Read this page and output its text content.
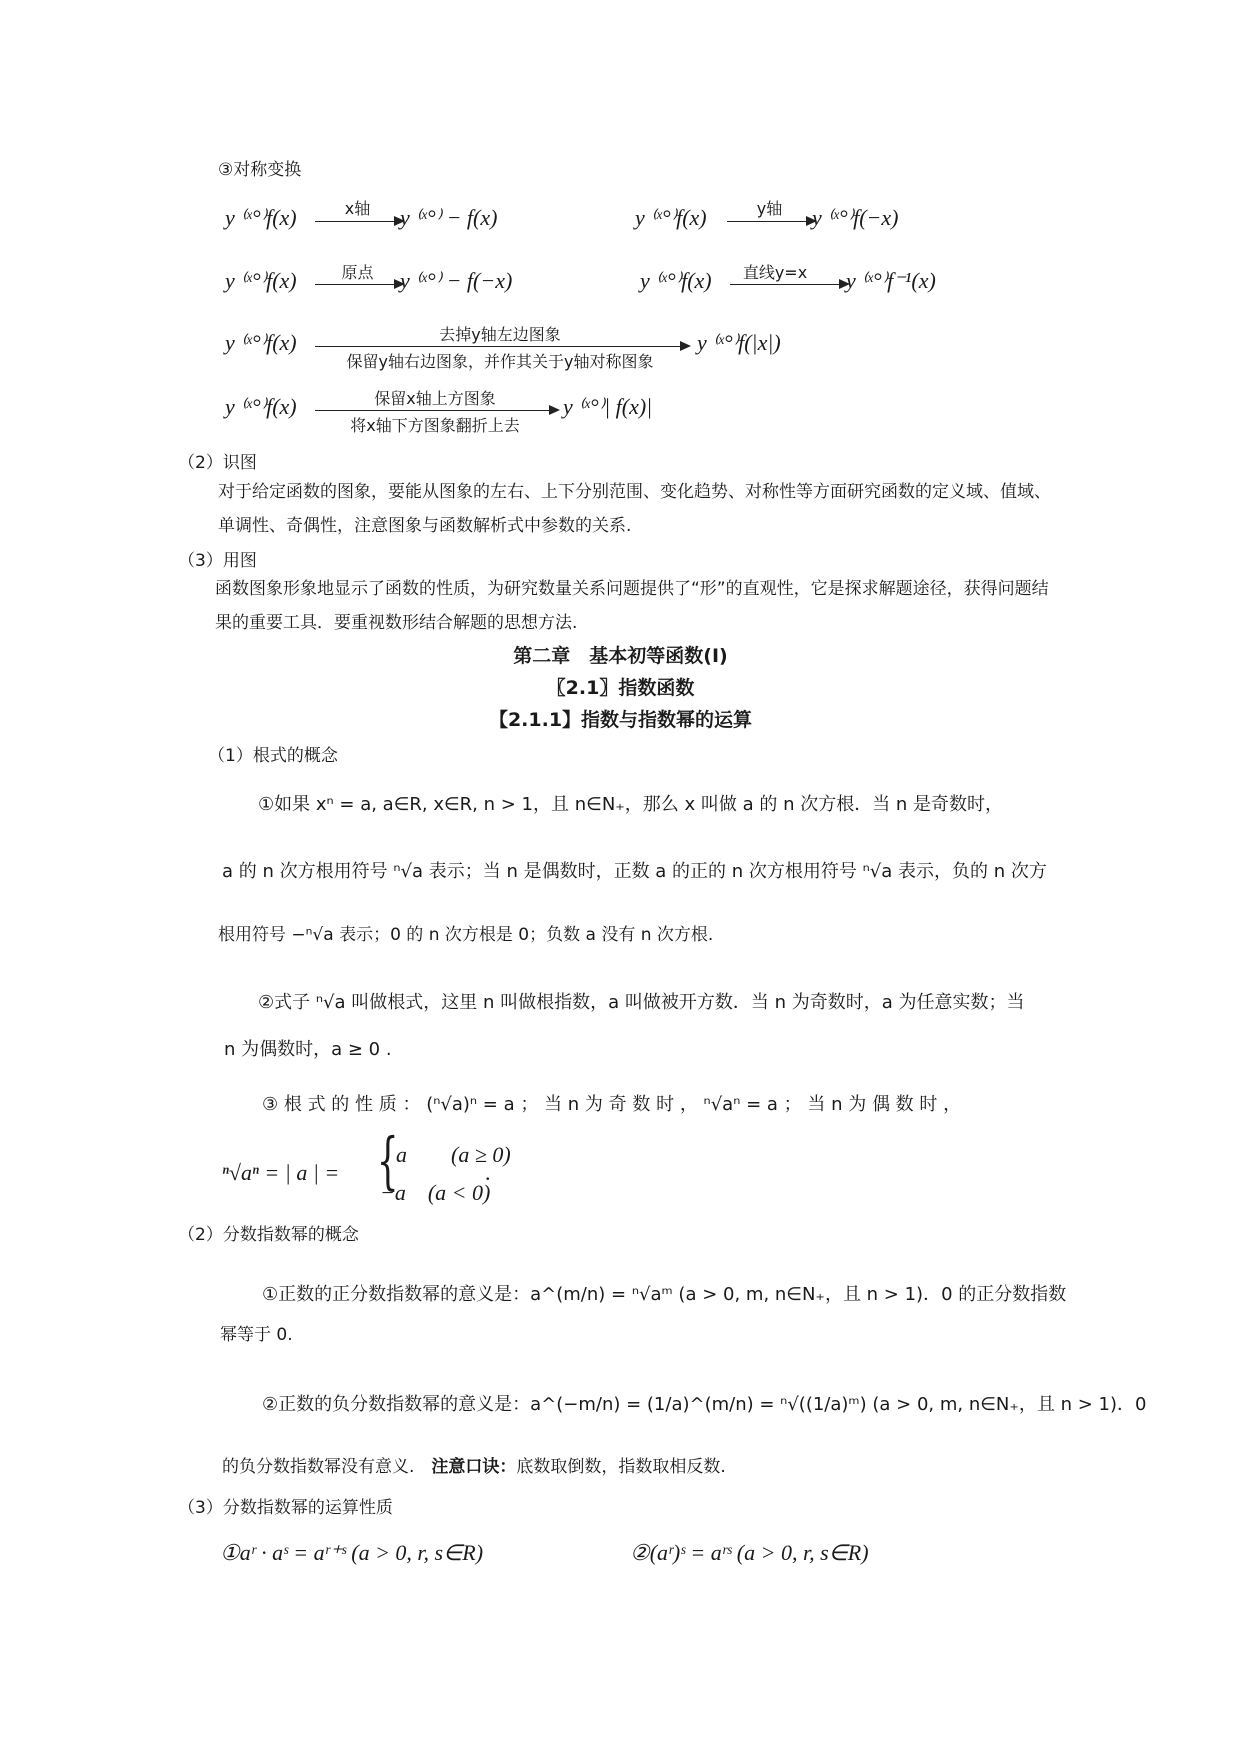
③对称变换
y ⁽ˣ°⁾f(x)	x轴	y ⁽ˣ°⁾ − f(x)	y ⁽ˣ°⁾f(x)	y轴	y ⁽ˣ°⁾f(−x)
y ⁽ˣ°⁾f(x)	原点	y ⁽ˣ°⁾ − f(−x)	y ⁽ˣ°⁾f(x)	直线y=x	y ⁽ˣ°⁾f⁻¹(x)
y ⁽ˣ°⁾f(x)	去掉y轴左边图象
保留y轴右边图象，并作其关于y轴对称图象
y ⁽ˣ°⁾f(|x|)
y ⁽ˣ°⁾f(x)	保留x轴上方图象
将x轴下方图象翻折上去
y ⁽ˣ°⁾| f(x)|
（2）识图
对于给定函数的图象，要能从图象的左右、上下分别范围、变化趋势、对称性等方面研究函数的定义域、值域、单调性、奇偶性，注意图象与函数解析式中参数的关系.
（3）用图
函数图象形象地显示了函数的性质，为研究数量关系问题提供了“形”的直观性，它是探求解题途径，获得问题结果的重要工具．要重视数形结合解题的思想方法.
第二章　基本初等函数(Ⅰ)
〖2.1〗指数函数
【2.1.1】指数与指数幂的运算
（1）根式的概念
①如果 xⁿ = a, a∈R, x∈R, n > 1，且 n∈N₊，那么 x 叫做 a 的 n 次方根．当 n 是奇数时，
a 的 n 次方根用符号 ⁿ√a 表示；当 n 是偶数时，正数 a 的正的 n 次方根用符号 ⁿ√a 表示，负的 n 次方
根用符号 −ⁿ√a 表示；0 的 n 次方根是 0；负数 a 没有 n 次方根.
②式子 ⁿ√a 叫做根式，这里 n 叫做根指数，a 叫做被开方数．当 n 为奇数时，a 为任意实数；当
n 为偶数时，a ≥ 0 .
③ 根 式 的 性 质 ： (ⁿ√a)ⁿ = a ； 当 n 为 奇 数 时 ， ⁿ√aⁿ = a ； 当 n 为 偶 数 时 ，
ⁿ√aⁿ = | a | = {
a　　(a ≥ 0)
−a　(a < 0)
.
（2）分数指数幂的概念
①正数的正分数指数幂的意义是：a^(m/n) = ⁿ√aᵐ (a > 0, m, n∈N₊，且 n > 1)．0 的正分数指数
幂等于 0.
②正数的负分数指数幂的意义是：a^(−m/n) = (1/a)^(m/n) = ⁿ√((1/a)ᵐ) (a > 0, m, n∈N₊，且 n > 1)．0
的负分数指数幂没有意义.　注意口诀：底数取倒数，指数取相反数.
（3）分数指数幂的运算性质
①aʳ · aˢ = aʳ⁺ˢ (a > 0, r, s∈R)	②(aʳ)ˢ = aʳˢ (a > 0, r, s∈R)
